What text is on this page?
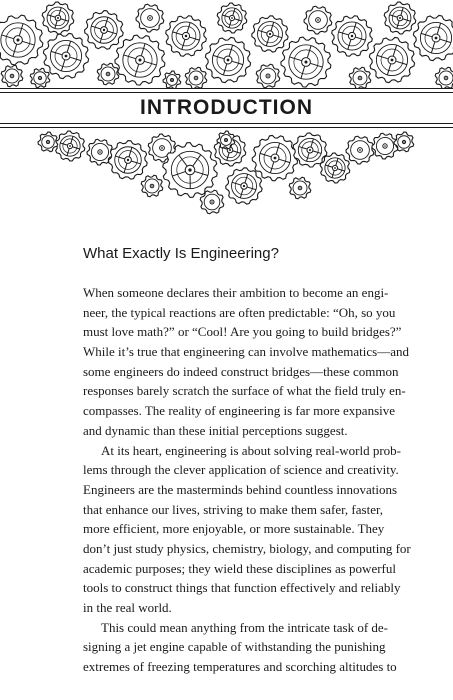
INTRODUCTION
What Exactly Is Engineering?
When someone declares their ambition to become an engi-
neer, the typical reactions are often predictable: “Oh, so you
must love math?” or “Cool! Are you going to build bridges?”
While it’s true that engineering can involve mathematics—and
some engineers do indeed construct bridges—these common
responses barely scratch the surface of what the field truly en-
compasses. The reality of engineering is far more expansive
and dynamic than these initial perceptions suggest.
At its heart, engineering is about solving real-world prob-
lems through the clever application of science and creativity.
Engineers are the masterminds behind countless innovations
that enhance our lives, striving to make them safer, faster,
more efficient, more enjoyable, or more sustainable. They
don’t just study physics, chemistry, biology, and computing for
academic purposes; they wield these disciplines as powerful
tools to construct things that function effectively and reliably
in the real world.
This could mean anything from the intricate task of de-
signing a jet engine capable of withstanding the punishing
extremes of freezing temperatures and scorching altitudes to
